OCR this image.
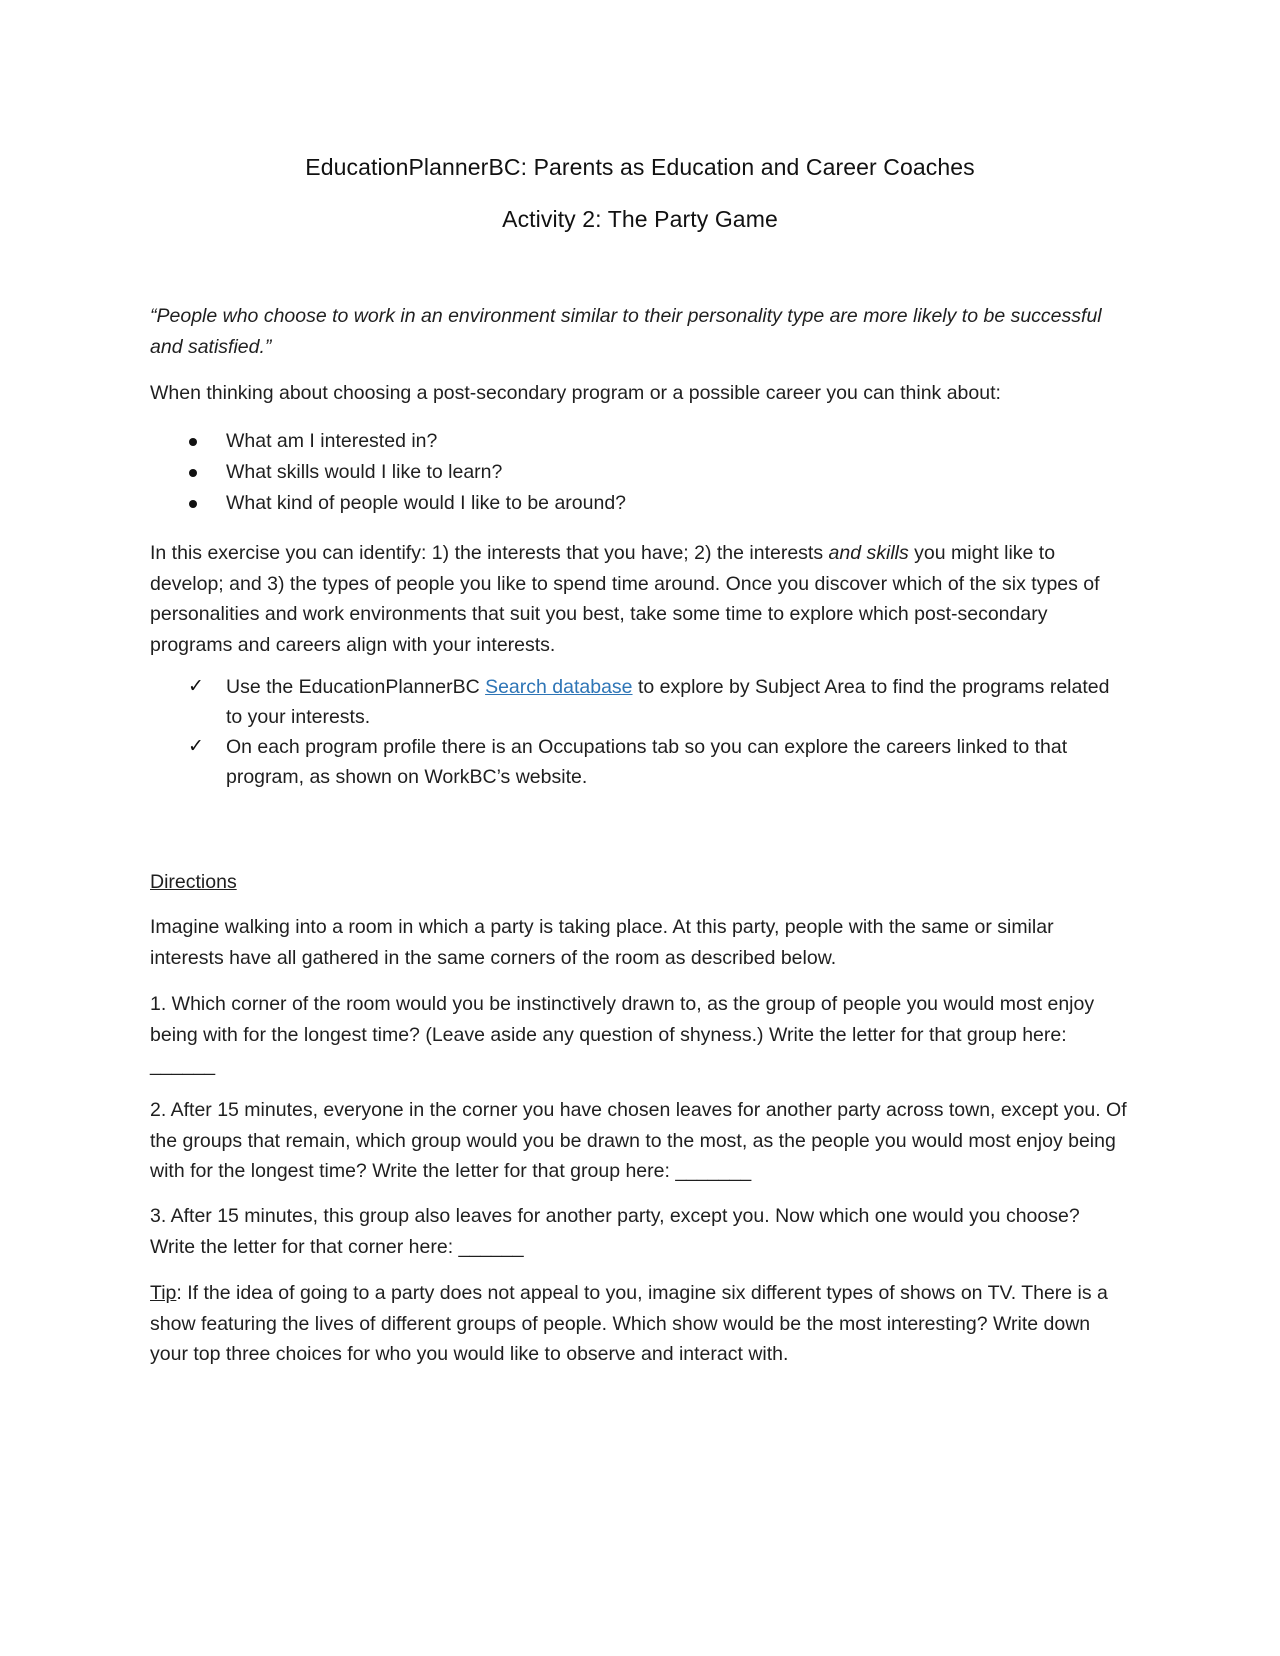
EducationPlannerBC: Parents as Education and Career Coaches
Activity 2: The Party Game

“People who choose to work in an environment similar to their personality type are more likely to be successful and satisfied.”

When thinking about choosing a post-secondary program or a possible career you can think about:

What am I interested in?
What skills would I like to learn?
What kind of people would I like to be around?

In this exercise you can identify: 1) the interests that you have; 2) the interests and skills you might like to develop; and 3) the types of people you like to spend time around. Once you discover which of the six types of personalities and work environments that suit you best, take some time to explore which post-secondary programs and careers align with your interests.

✓ Use the EducationPlannerBC Search database to explore by Subject Area to find the programs related to your interests.
✓ On each program profile there is an Occupations tab so you can explore the careers linked to that program, as shown on WorkBC’s website.

Directions

Imagine walking into a room in which a party is taking place. At this party, people with the same or similar interests have all gathered in the same corners of the room as described below.

1. Which corner of the room would you be instinctively drawn to, as the group of people you would most enjoy being with for the longest time? (Leave aside any question of shyness.) Write the letter for that group here: ______

2. After 15 minutes, everyone in the corner you have chosen leaves for another party across town, except you. Of the groups that remain, which group would you be drawn to the most, as the people you would most enjoy being with for the longest time? Write the letter for that group here: _______

3. After 15 minutes, this group also leaves for another party, except you. Now which one would you choose? Write the letter for that corner here: ______

Tip: If the idea of going to a party does not appeal to you, imagine six different types of shows on TV. There is a show featuring the lives of different groups of people. Which show would be the most interesting? Write down your top three choices for who you would like to observe and interact with.
